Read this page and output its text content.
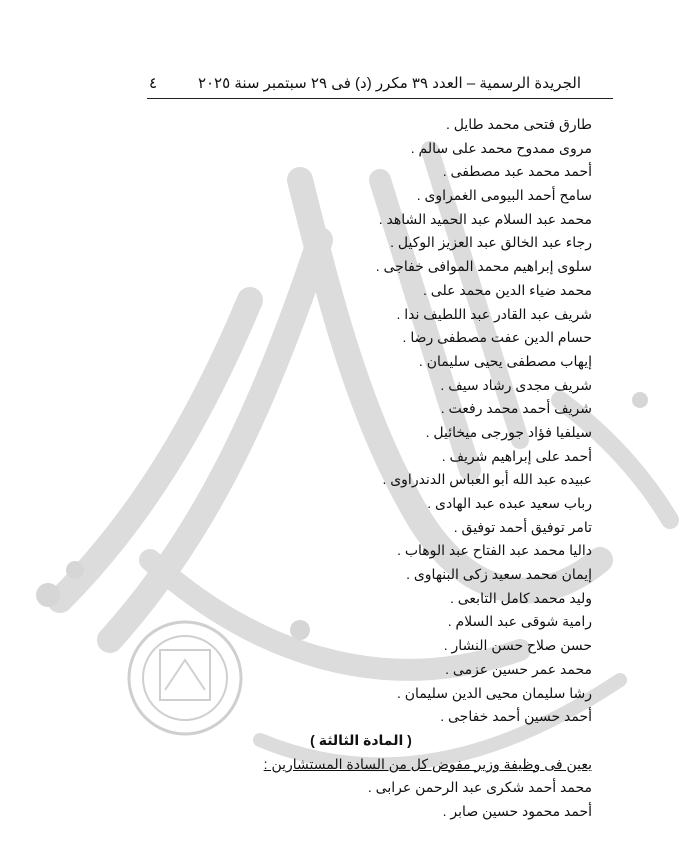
٤	الجريدة الرسمية – العدد ٣٩ مكرر (د) فى ٢٩ سبتمبر سنة ٢٠٢٥
طارق فتحى محمد طايل .
مروى ممدوح محمد على سالم .
أحمد محمد عبد مصطفى .
سامح أحمد البيومى الغمراوى .
محمد عبد السلام عبد الحميد الشاهد .
رجاء عبد الخالق عبد العزيز الوكيل .
سلوى إبراهيم محمد الموافى خفاجى .
محمد ضياء الدين محمد على .
شريف عبد القادر عبد اللطيف ندا .
حسام الدين عفت مصطفى رضا .
إيهاب مصطفى يحيى سليمان .
شريف مجدى رشاد سيف .
شريف أحمد محمد رفعت .
سيلفيا فؤاد جورجى ميخائيل .
أحمد على إبراهيم شريف .
عبيده عبد الله أبو العباس الدندراوى .
رباب سعيد عبده عبد الهادى .
تامر توفيق أحمد توفيق .
داليا محمد عبد الفتاح عبد الوهاب .
إيمان محمد سعيد زكى البنهاوى .
وليد محمد كامل التابعى .
رامية شوقى عبد السلام .
حسن صلاح حسن النشار .
محمد عمر حسين عزمى .
رشا سليمان محيى الدين سليمان .
أحمد حسين أحمد خفاجى .
( المادة الثالثة )
يعين فى وظيفة وزير مفوض كل من السادة المستشارين :
محمد أحمد شكرى عبد الرحمن عرابى .
أحمد محمود حسين صابر .
